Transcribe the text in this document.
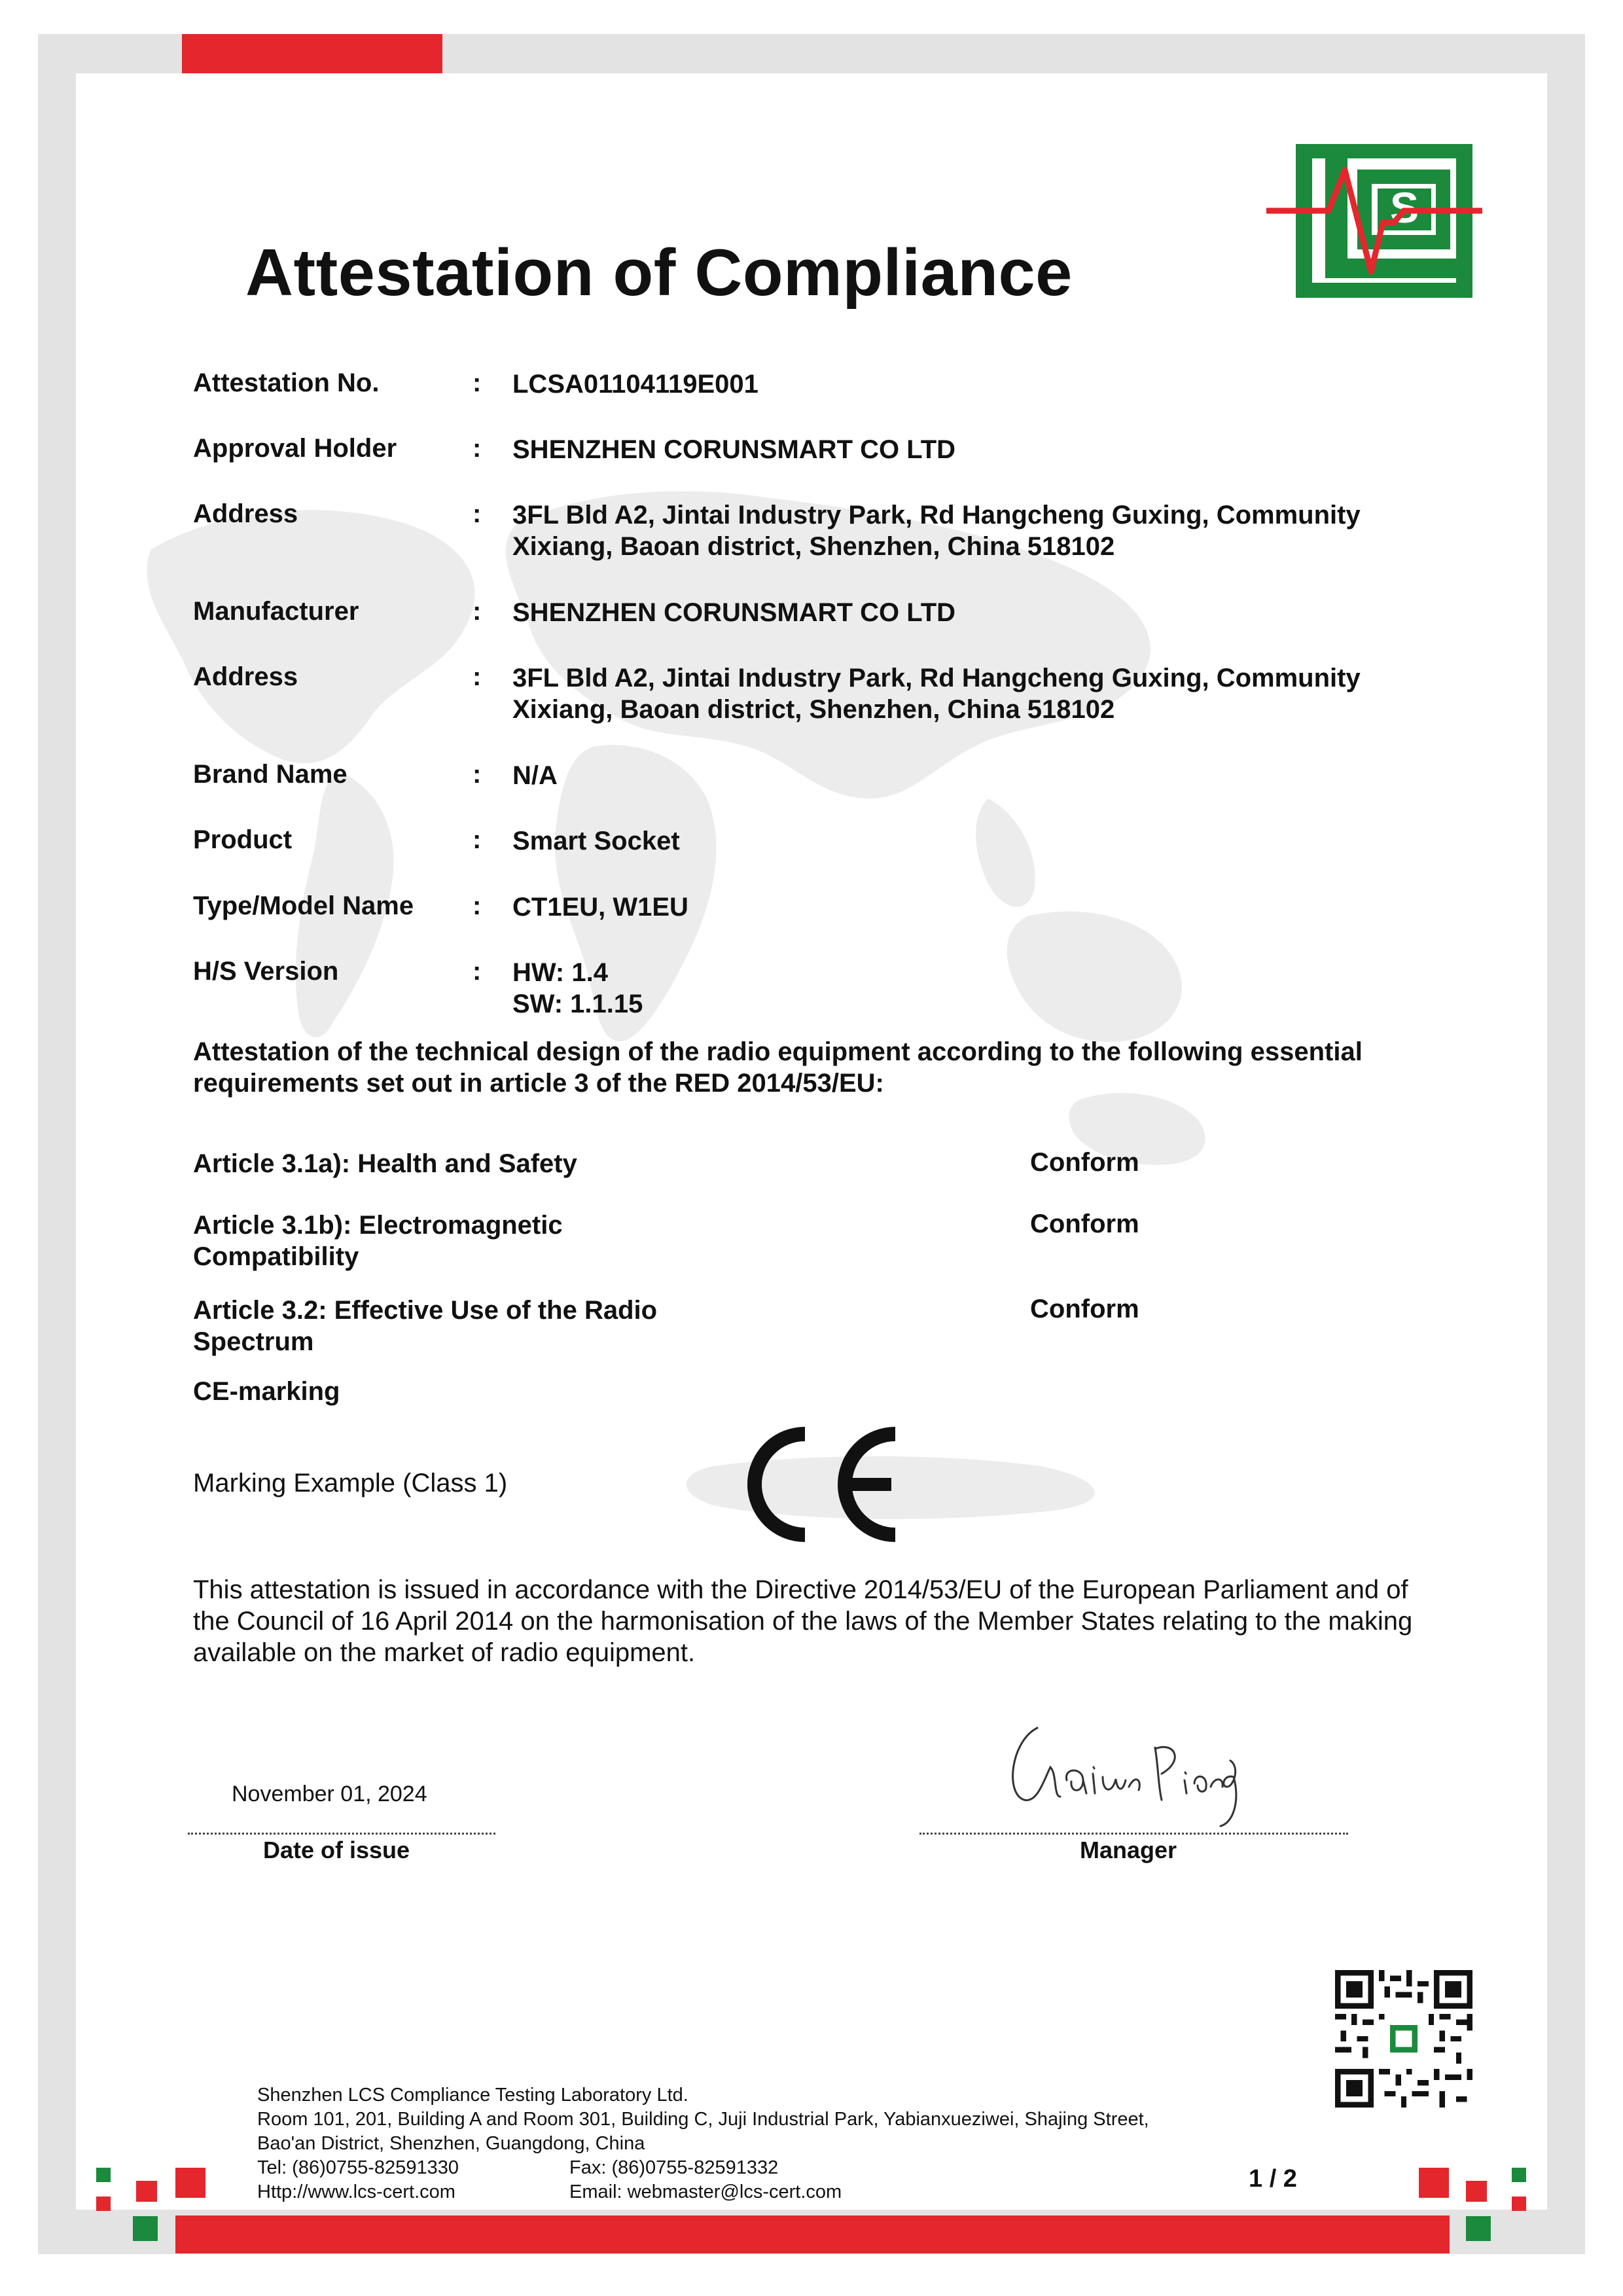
Attestation of Compliance
S
Attestation No.	: LCSA01104119E001
Approval Holder	: SHENZHEN CORUNSMART CO LTD
Address	: 3FL Bld A2, Jintai Industry Park, Rd Hangcheng Guxing, Community
Xixiang, Baoan district, Shenzhen, China 518102
Manufacturer	: SHENZHEN CORUNSMART CO LTD
Address	: 3FL Bld A2, Jintai Industry Park, Rd Hangcheng Guxing, Community
Xixiang, Baoan district, Shenzhen, China 518102
Brand Name	: N/A
Product	: Smart Socket
Type/Model Name : CT1EU, W1EU
H/S Version	: HW: 1.4
SW: 1.1.15
Attestation of the technical design of the radio equipment according to the following essential requirements set out in article 3 of the RED 2014/53/EU:
Article 3.1a): Health and Safety	Conform
Article 3.1b): Electromagnetic Compatibility
Conform
Article 3.2: Effective Use of the Radio Spectrum
Conform
CE-marking
Marking Example (Class 1)
This attestation is issued in accordance with the Directive 2014/53/EU of the European Parliament and of the Council of 16 April 2014 on the harmonisation of the laws of the Member States relating to the making available on the market of radio equipment.
November 01, 2024
Date of issue	Manager
Shenzhen LCS Compliance Testing Laboratory Ltd.
Room 101, 201, Building A and Room 301, Building C, Juji Industrial Park, Yabianxueziwei, Shajing Street,
Bao'an District, Shenzhen, Guangdong, China
Tel: (86)0755-82591330	Fax: (86)0755-82591332
Http://www.lcs-cert.com	Email: webmaster@lcs-cert.com	1 / 2
